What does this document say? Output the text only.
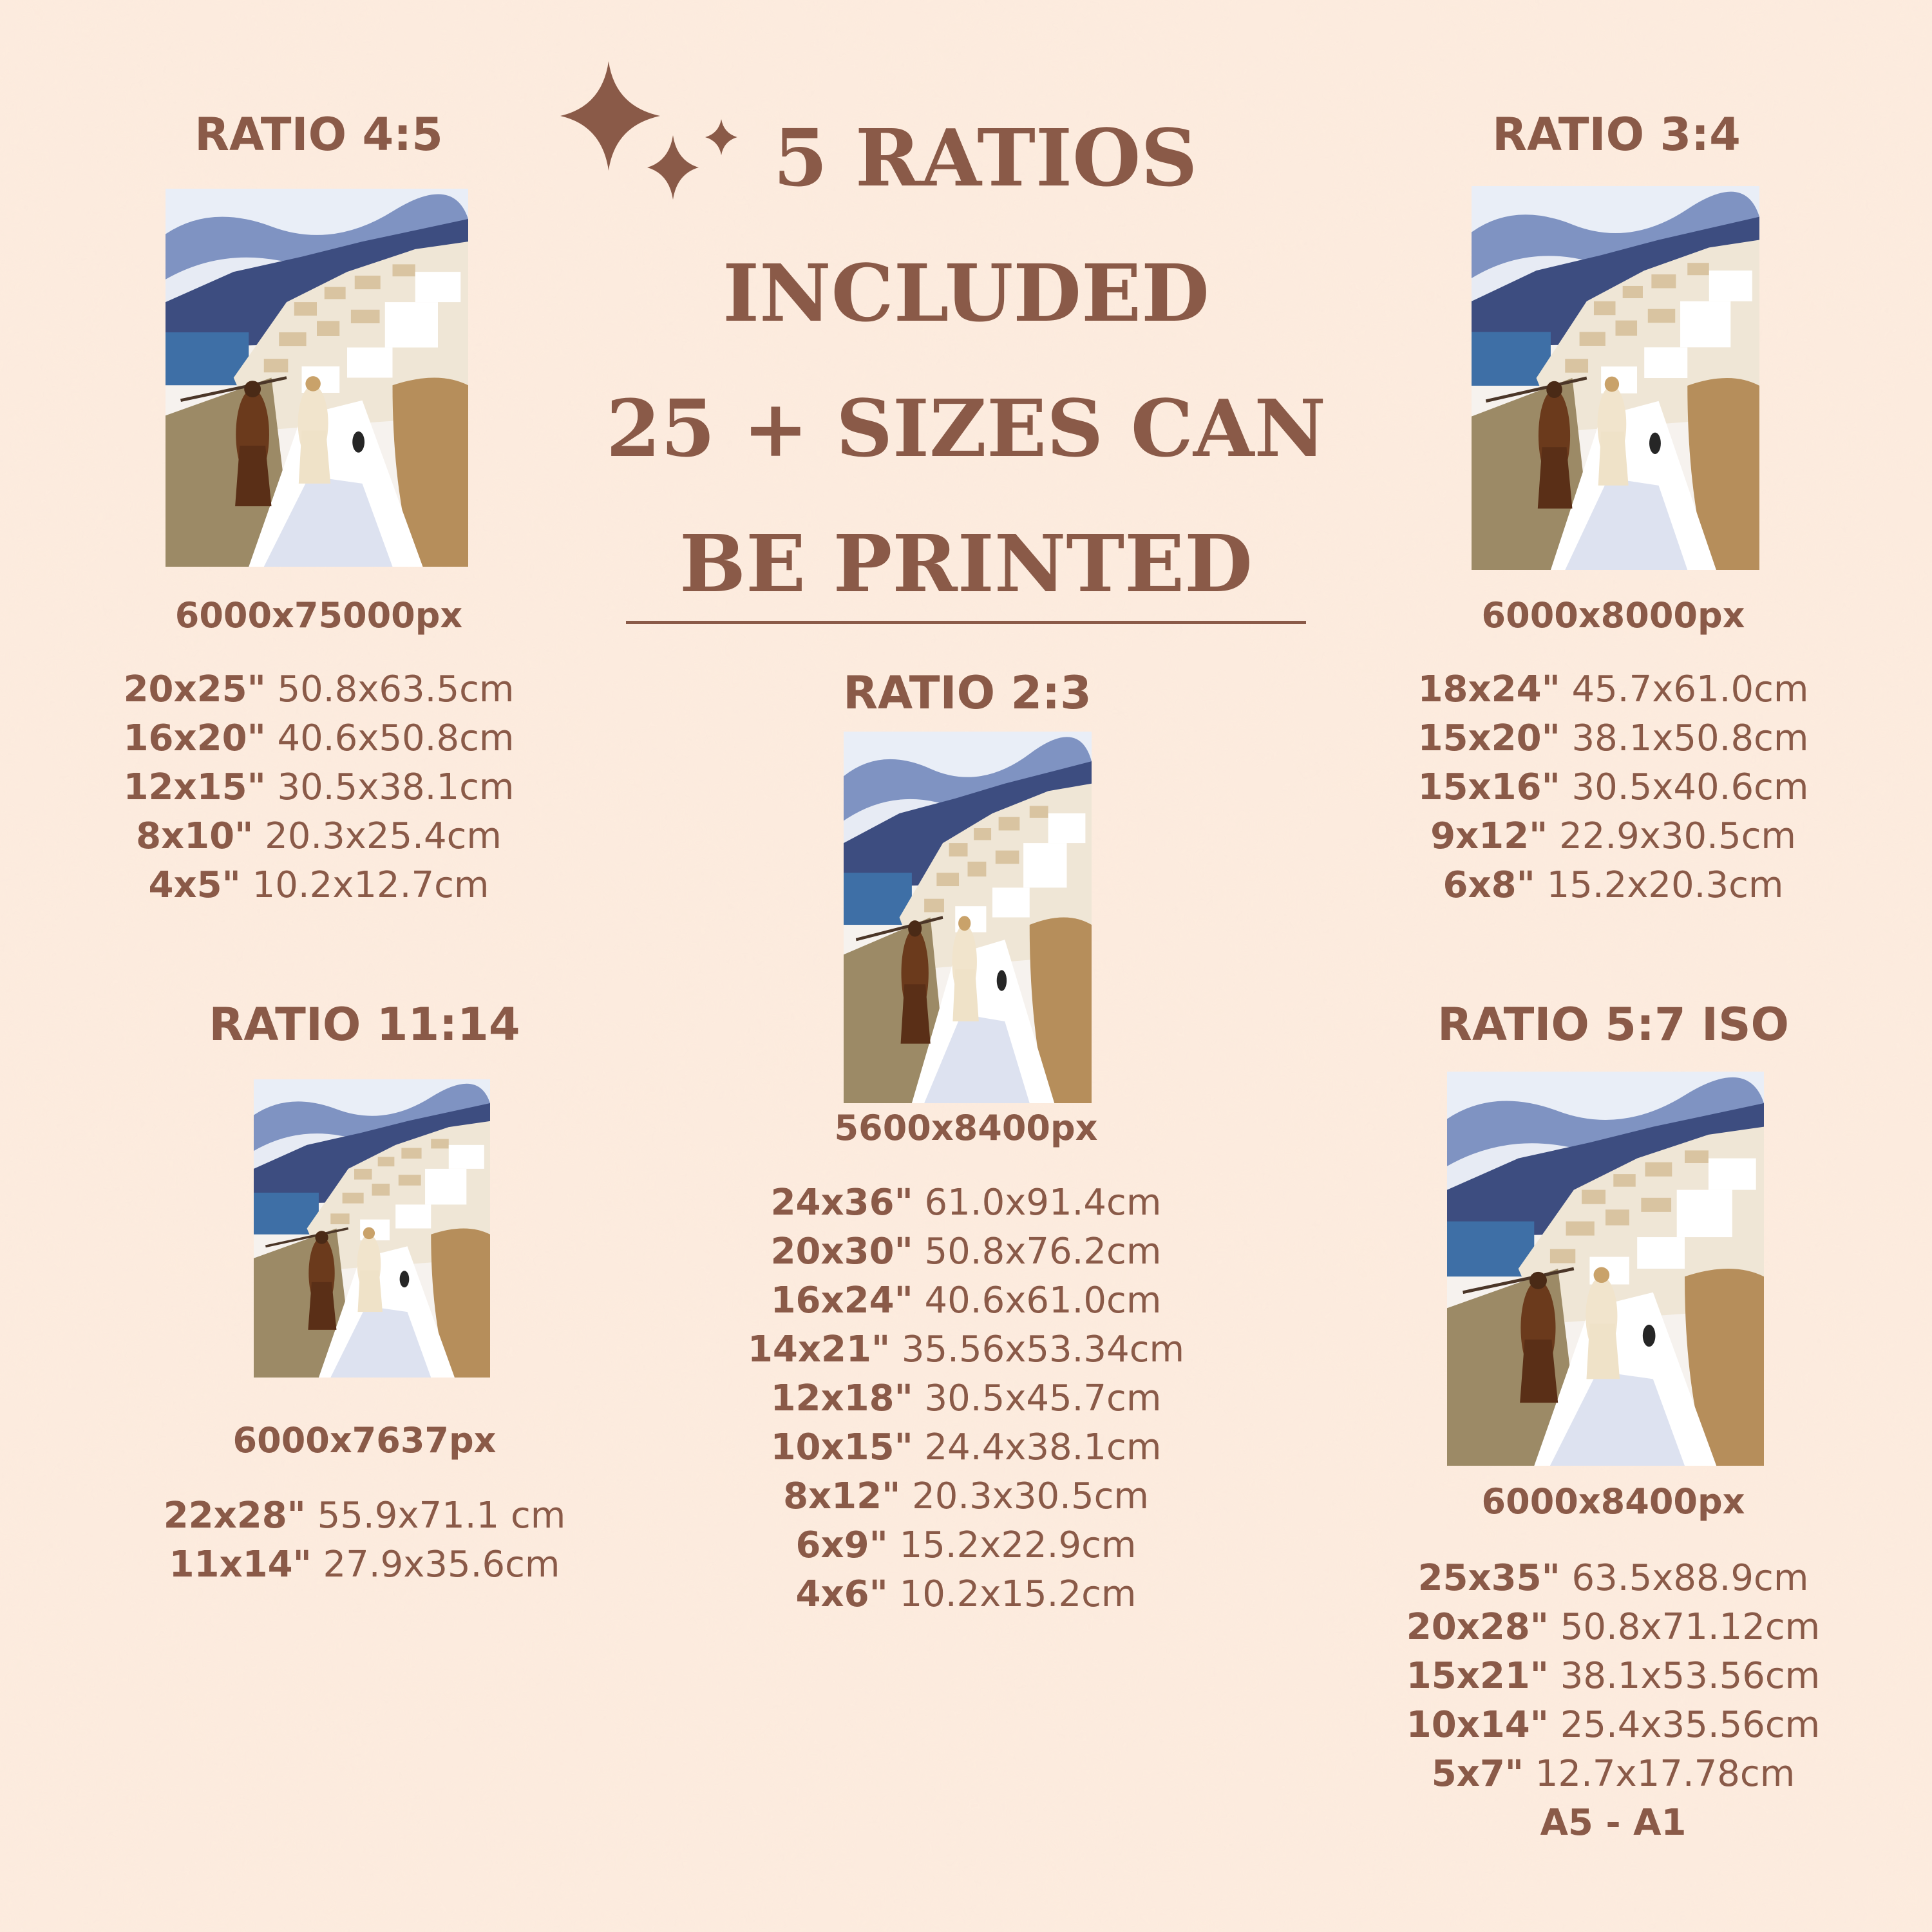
5 RATIOS
INCLUDED
25 + SIZES CAN
BE PRINTED
RATIO 4:5

6000x75000px

20x25" 50.8x63.5cm
16x20" 40.6x50.8cm
12x15" 30.5x38.1cm
8x10" 20.3x25.4cm
4x5" 10.2x12.7cm
RATIO 3:4

6000x8000px

18x24" 45.7x61.0cm
15x20" 38.1x50.8cm
15x16" 30.5x40.6cm
9x12" 22.9x30.5cm
6x8" 15.2x20.3cm
RATIO 2:3

5600x8400px

24x36" 61.0x91.4cm
20x30" 50.8x76.2cm
16x24" 40.6x61.0cm
14x21" 35.56x53.34cm
12x18" 30.5x45.7cm
10x15" 24.4x38.1cm
8x12" 20.3x30.5cm
6x9" 15.2x22.9cm
4x6" 10.2x15.2cm
RATIO 11:14

6000x7637px

22x28" 55.9x71.1 cm
11x14" 27.9x35.6cm
RATIO 5:7 ISO

6000x8400px

25x35" 63.5x88.9cm
20x28" 50.8x71.12cm
15x21" 38.1x53.56cm
10x14" 25.4x35.56cm
5x7" 12.7x17.78cm
A5 - A1
